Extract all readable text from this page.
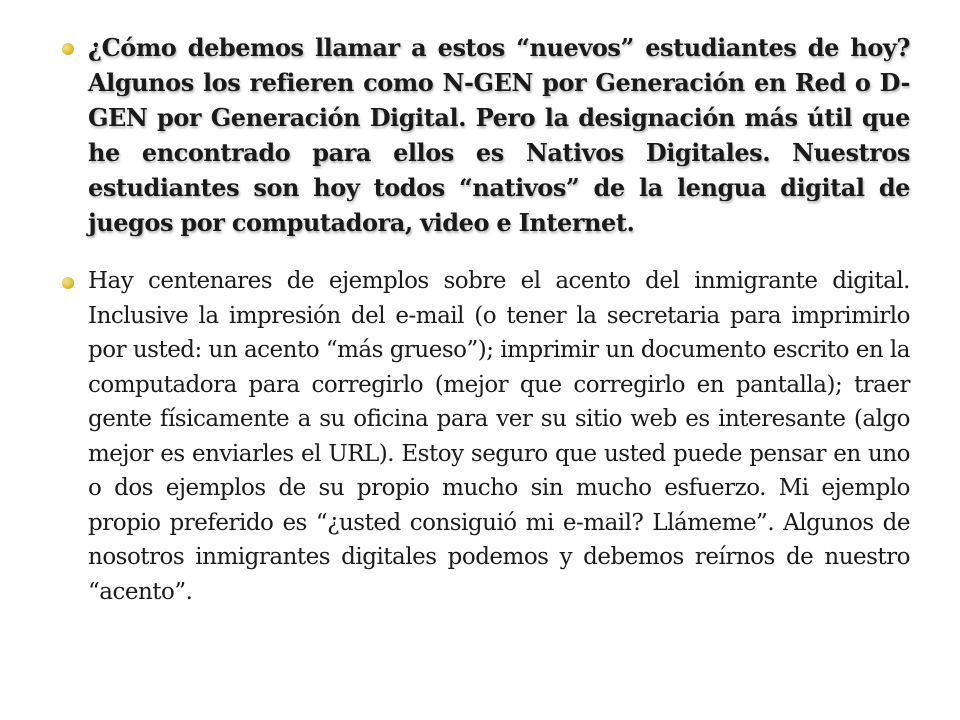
¿Cómo debemos llamar a estos “nuevos” estudiantes de hoy? Algunos los refieren como N-GEN por Generación en Red o D-GEN por Generación Digital. Pero la designación más útil que he encontrado para ellos es Nativos Digitales. Nuestros estudiantes son hoy todos “nativos” de la lengua digital de juegos por computadora, video e Internet.
Hay centenares de ejemplos sobre el acento del inmigrante digital. Inclusive la impresión del e-mail (o tener la secretaria para imprimirlo por usted: un acento “más grueso”); imprimir un documento escrito en la computadora para corregirlo (mejor que corregirlo en pantalla); traer gente físicamente a su oficina para ver su sitio web es interesante (algo mejor es enviarles el URL). Estoy seguro que usted puede pensar en uno o dos ejemplos de su propio mucho sin mucho esfuerzo. Mi ejemplo propio preferido es “¿usted consiguió mi e-mail? Llámeme”. Algunos de nosotros inmigrantes digitales podemos y debemos reírnos de nuestro “acento”.
